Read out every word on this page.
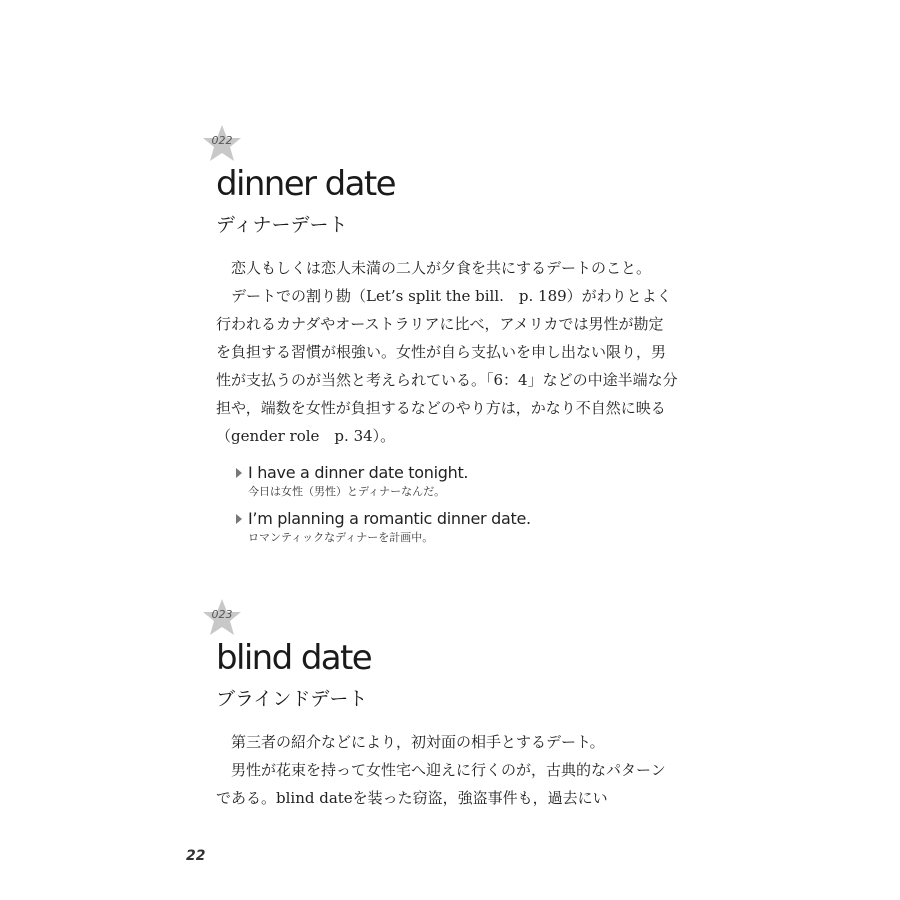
022
dinner date
ディナーデート

恋人もしくは恋人未満の二人が夕食を共にするデートのこと。

デートでの割り勘（Let’s split the bill.　p. 189）がわりとよく行われるカナダやオーストラリアに比べ，アメリカでは男性が勘定を負担する習慣が根強い。女性が自ら支払いを申し出ない限り，男性が支払うのが当然と考えられている。「6：4」などの中途半端な分担や，端数を女性が負担するなどのやり方は，かなり不自然に映る（gender role　p. 34）。

I have a dinner date tonight.
今日は女性（男性）とディナーなんだ。
I’m planning a romantic dinner date.
ロマンティックなディナーを計画中。
023
blind date
ブラインドデート

第三者の紹介などにより，初対面の相手とするデート。

男性が花束を持って女性宅へ迎えに行くのが，古典的なパターンである。blind dateを装った窃盗，強盗事件も，過去にい

22
